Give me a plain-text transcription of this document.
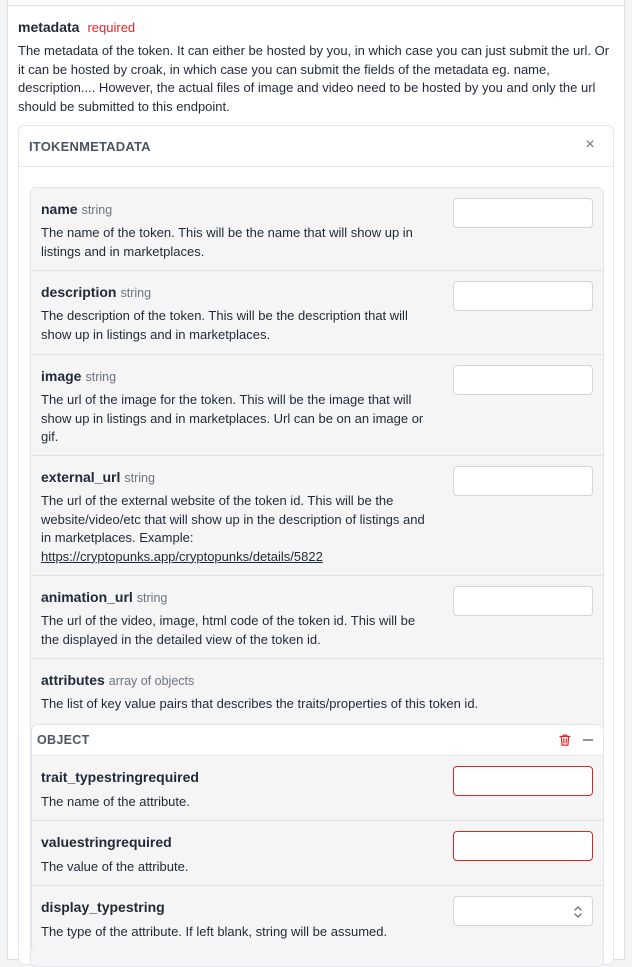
metadata required
The metadata of the token. It can either be hosted by you, in which case you can just submit the url. Or it can be hosted by croak, in which case you can submit the fields of the metadata eg. name, description.... However, the actual files of image and video need to be hosted by you and only the url should be submitted to this endpoint.
ITOKENMETADATA	×
name string
The name of the token. This will be the name that will show up in listings and in marketplaces.
description string
The description of the token. This will be the description that will show up in listings and in marketplaces.
image string
The url of the image for the token. This will be the image that will show up in listings and in marketplaces. Url can be on an image or gif.
external_url string
The url of the external website of the token id. This will be the website/video/etc that will show up in the description of listings and in marketplaces. Example:
https://cryptopunks.app/cryptopunks/details/5822
animation_url string
The url of the video, image, html code of the token id. This will be the displayed in the detailed view of the token id.
attributes array of objects
The list of key value pairs that describes the traits/properties of this token id.
OBJECT
trait_typestringrequired
The name of the attribute.
valuestringrequired
The value of the attribute.
display_typestring
The type of the attribute. If left blank, string will be assumed.
